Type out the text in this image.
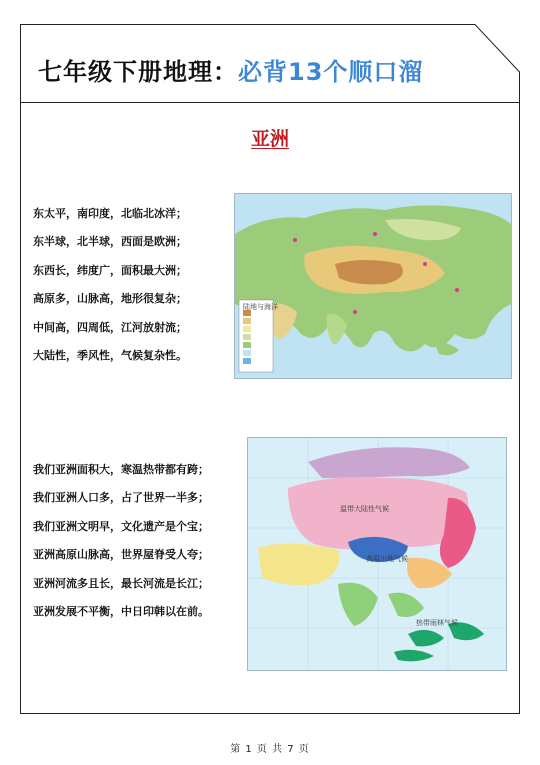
七年级下册地理：必背13个顺口溜
亚洲
东太平，南印度，北临北冰洋；
东半球，北半球，西面是欧洲；
东西长，纬度广，面积最大洲；
高原多，山脉高，地形很复杂；
中间高，四周低，江河放射流；
大陆性，季风性，气候复杂性。
陆地与海洋
我们亚洲面积大，寒温热带都有跨；
我们亚洲人口多，占了世界一半多；
我们亚洲文明早，文化遗产是个宝；
亚洲高原山脉高，世界屋脊受人夸；
亚洲河流多且长，最长河流是长江；
亚洲发展不平衡，中日印韩以在前。
温带大陆性气候
高原山地气候
热带雨林气候
第 1 页 共 7 页
